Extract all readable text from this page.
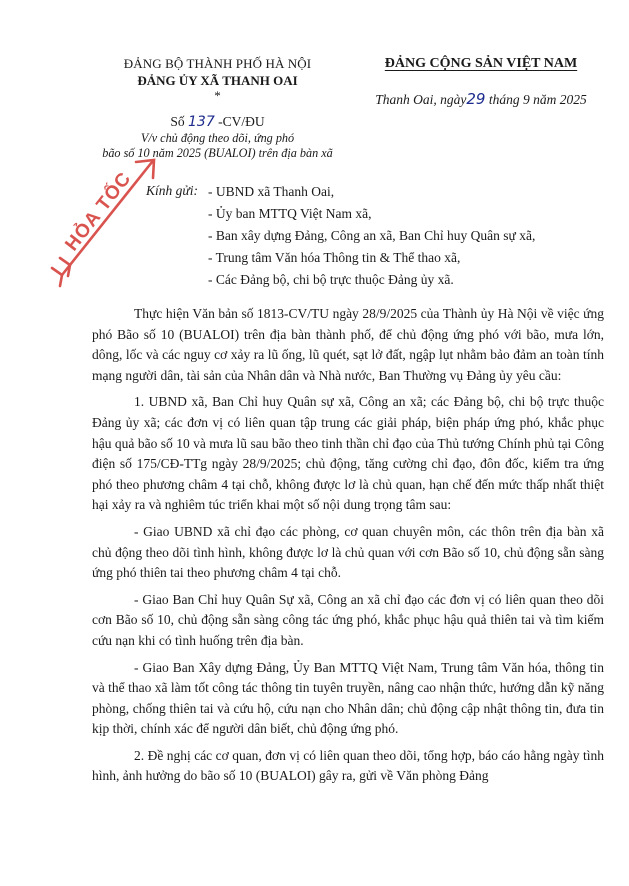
ĐẢNG BỘ THÀNH PHỐ HÀ NỘI
ĐẢNG ỦY XÃ THANH OAI
*
Số 137 -CV/ĐU
V/v chủ động theo dõi, ứng phó
bão số 10 năm 2025 (BUALOI) trên địa bàn xã
ĐẢNG CỘNG SẢN VIỆT NAM
Thanh Oai, ngày29 tháng 9 năm 2025
HỎA TỐC Kính gửi: - UBND xã Thanh Oai,
- Ủy ban MTTQ Việt Nam xã,
- Ban xây dựng Đảng, Công an xã, Ban Chỉ huy Quân sự xã,
- Trung tâm Văn hóa Thông tin & Thể thao xã,
- Các Đảng bộ, chi bộ trực thuộc Đảng ủy xã.

Thực hiện Văn bản số 1813-CV/TU ngày 28/9/2025 của Thành ủy Hà Nội về việc ứng phó Bão số 10 (BUALOI) trên địa bàn thành phố, để chủ động ứng phó với bão, mưa lớn, dông, lốc và các nguy cơ xảy ra lũ ống, lũ quét, sạt lở đất, ngập lụt nhằm bảo đảm an toàn tính mạng người dân, tài sản của Nhân dân và Nhà nước, Ban Thường vụ Đảng ủy yêu cầu:

1. UBND xã, Ban Chỉ huy Quân sự xã, Công an xã; các Đảng bộ, chi bộ trực thuộc Đảng ủy xã; các đơn vị có liên quan tập trung các giải pháp, biện pháp ứng phó, khắc phục hậu quả bão số 10 và mưa lũ sau bão theo tinh thần chỉ đạo của Thủ tướng Chính phủ tại Công điện số 175/CĐ-TTg ngày 28/9/2025; chủ động, tăng cường chỉ đạo, đôn đốc, kiểm tra ứng phó theo phương châm 4 tại chỗ, không được lơ là chủ quan, hạn chế đến mức thấp nhất thiệt hại xảy ra và nghiêm túc triển khai một số nội dung trọng tâm sau:

- Giao UBND xã chỉ đạo các phòng, cơ quan chuyên môn, các thôn trên địa bàn xã chủ động theo dõi tình hình, không được lơ là chủ quan với cơn Bão số 10, chủ động sẵn sàng ứng phó thiên tai theo phương châm 4 tại chỗ.

- Giao Ban Chỉ huy Quân Sự xã, Công an xã chỉ đạo các đơn vị có liên quan theo dõi cơn Bão số 10, chủ động sẵn sàng công tác ứng phó, khắc phục hậu quả thiên tai và tìm kiếm cứu nạn khi có tình huống trên địa bàn.

- Giao Ban Xây dựng Đảng, Ủy Ban MTTQ Việt Nam, Trung tâm Văn hóa, thông tin và thể thao xã làm tốt công tác thông tin tuyên truyền, nâng cao nhận thức, hướng dẫn kỹ năng phòng, chống thiên tai và cứu hộ, cứu nạn cho Nhân dân; chủ động cập nhật thông tin, đưa tin kịp thời, chính xác để người dân biết, chủ động ứng phó.

2. Đề nghị các cơ quan, đơn vị có liên quan theo dõi, tổng hợp, báo cáo hằng ngày tình hình, ảnh hưởng do bão số 10 (BUALOI) gây ra, gửi về Văn phòng Đảng
